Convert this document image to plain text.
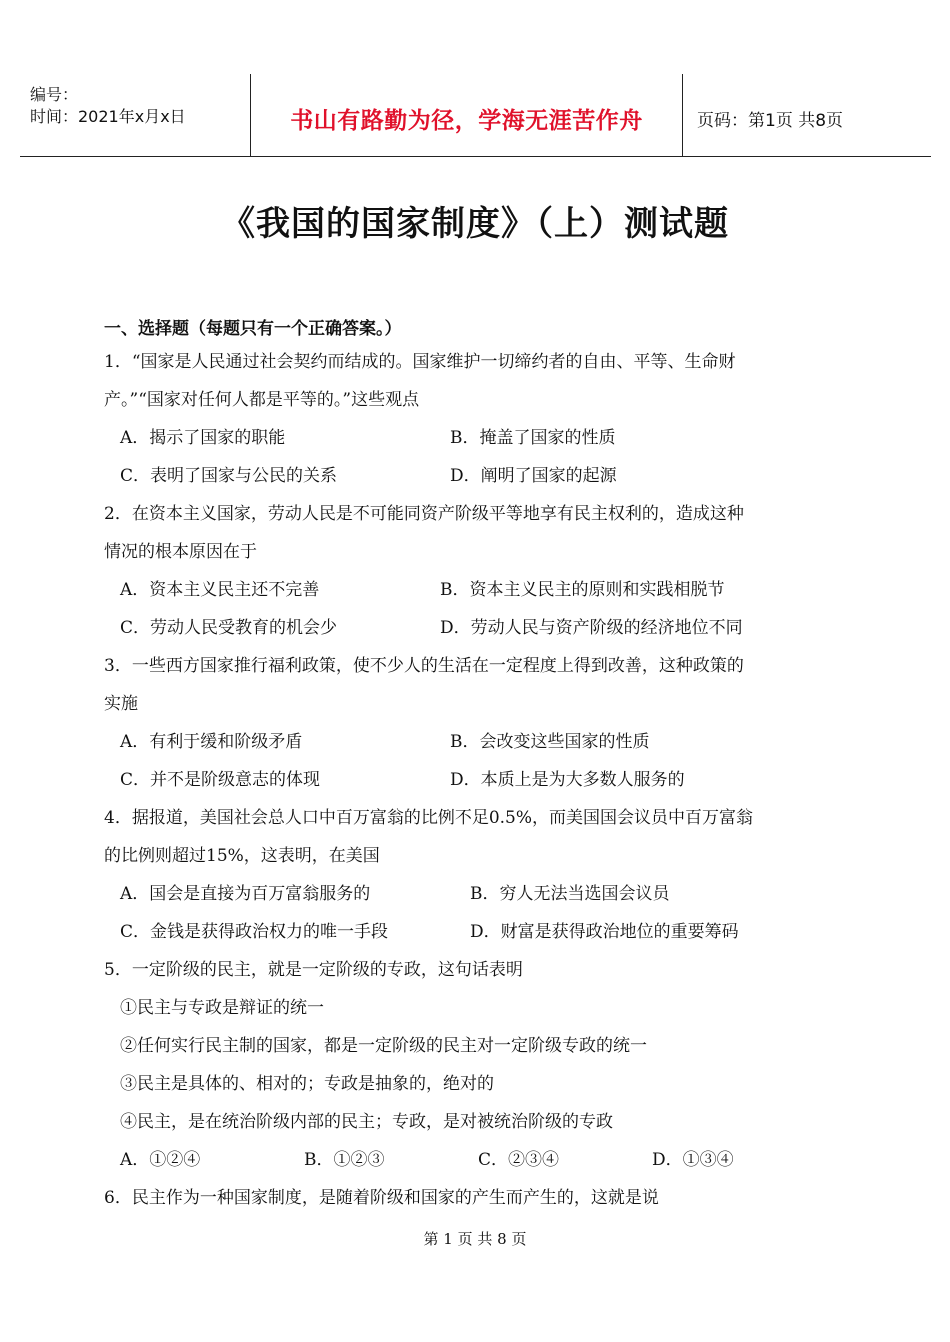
编号：
时间：2021年x月x日	书山有路勤为径，学海无涯苦作舟	页码：第1页 共8页
《我国的国家制度》（上）测试题
一、选择题（每题只有一个正确答案。）
1．“国家是人民通过社会契约而结成的。国家维护一切缔约者的自由、平等、生命财
产。”“国家对任何人都是平等的。”这些观点
A．揭示了国家的职能	B．掩盖了国家的性质
C．表明了国家与公民的关系	D．阐明了国家的起源
2．在资本主义国家，劳动人民是不可能同资产阶级平等地享有民主权利的，造成这种
情况的根本原因在于
A．资本主义民主还不完善	B．资本主义民主的原则和实践相脱节
C．劳动人民受教育的机会少	D．劳动人民与资产阶级的经济地位不同
3．一些西方国家推行福利政策，使不少人的生活在一定程度上得到改善，这种政策的
实施
A．有利于缓和阶级矛盾	B．会改变这些国家的性质
C．并不是阶级意志的体现	D．本质上是为大多数人服务的
4．据报道，美国社会总人口中百万富翁的比例不足0.5%，而美国国会议员中百万富翁
的比例则超过15%，这表明，在美国
A．国会是直接为百万富翁服务的	B．穷人无法当选国会议员
C．金钱是获得政治权力的唯一手段	D．财富是获得政治地位的重要筹码
5．一定阶级的民主，就是一定阶级的专政，这句话表明
①民主与专政是辩证的统一
②任何实行民主制的国家，都是一定阶级的民主对一定阶级专政的统一
③民主是具体的、相对的；专政是抽象的，绝对的
④民主，是在统治阶级内部的民主；专政，是对被统治阶级的专政
A．①②④	B．①②③	C．②③④	D．①③④
6．民主作为一种国家制度，是随着阶级和国家的产生而产生的，这就是说
第 1 页 共 8 页
